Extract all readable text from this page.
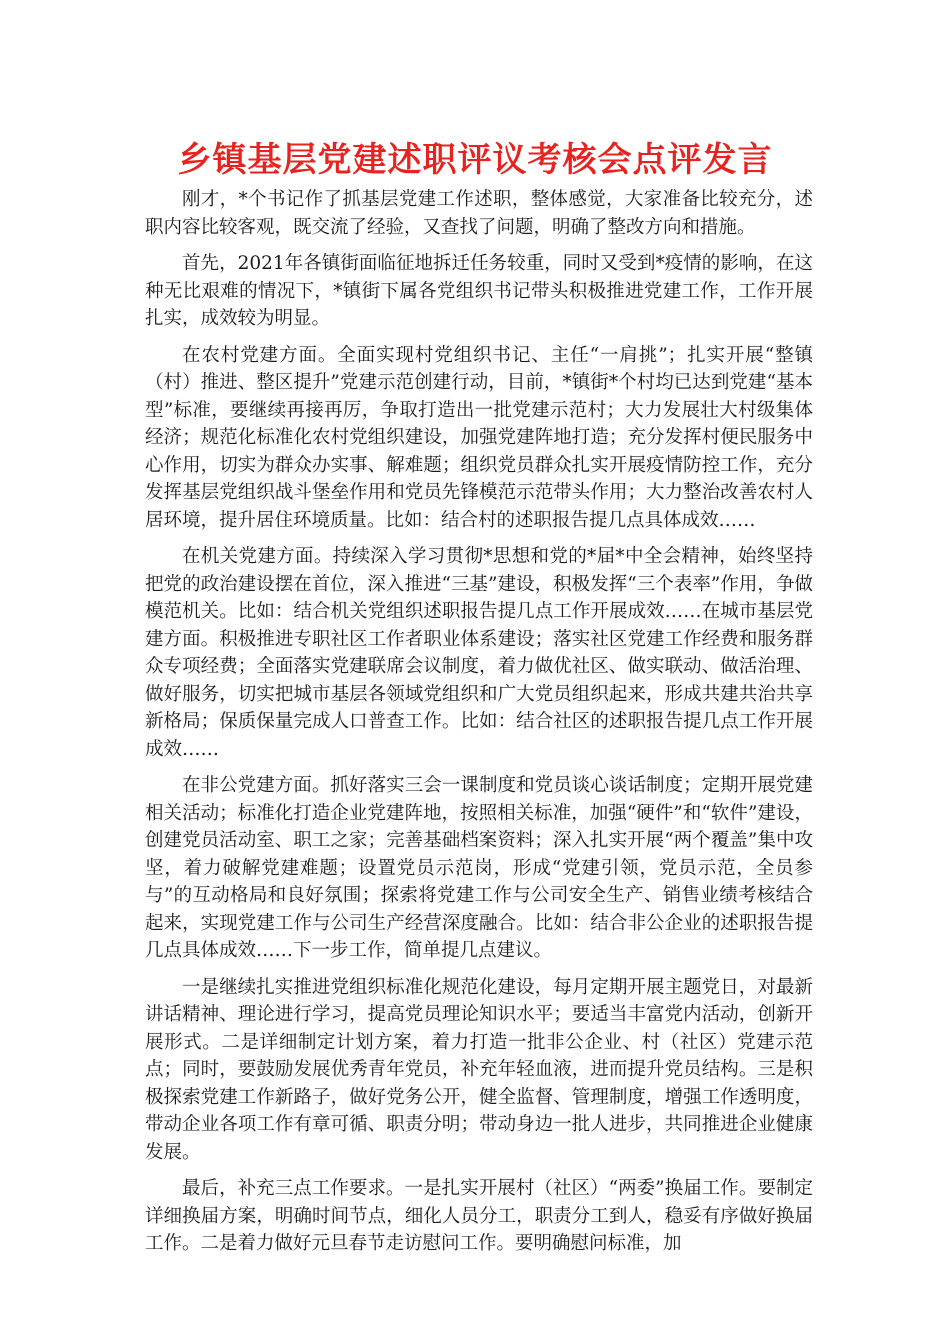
乡镇基层党建述职评议考核会点评发言

刚才，*个书记作了抓基层党建工作述职，整体感觉，大家准备比较充分，述职内容比较客观，既交流了经验，又查找了问题，明确了整改方向和措施。

首先，2021年各镇街面临征地拆迁任务较重，同时又受到*疫情的影响，在这种无比艰难的情况下，*镇街下属各党组织书记带头积极推进党建工作，工作开展扎实，成效较为明显。

在农村党建方面。全面实现村党组织书记、主任“一肩挑”；扎实开展“整镇（村）推进、整区提升”党建示范创建行动，目前，*镇街*个村均已达到党建“基本型”标准，要继续再接再厉，争取打造出一批党建示范村；大力发展壮大村级集体经济；规范化标准化农村党组织建设，加强党建阵地打造；充分发挥村便民服务中心作用，切实为群众办实事、解难题；组织党员群众扎实开展疫情防控工作，充分发挥基层党组织战斗堡垒作用和党员先锋模范示范带头作用；大力整治改善农村人居环境，提升居住环境质量。比如：结合村的述职报告提几点具体成效……

在机关党建方面。持续深入学习贯彻*思想和党的*届*中全会精神，始终坚持把党的政治建设摆在首位，深入推进“三基”建设，积极发挥“三个表率”作用，争做模范机关。比如：结合机关党组织述职报告提几点工作开展成效……在城市基层党建方面。积极推进专职社区工作者职业体系建设；落实社区党建工作经费和服务群众专项经费；全面落实党建联席会议制度，着力做优社区、做实联动、做活治理、做好服务，切实把城市基层各领域党组织和广大党员组织起来，形成共建共治共享新格局；保质保量完成人口普查工作。比如：结合社区的述职报告提几点工作开展成效……

在非公党建方面。抓好落实三会一课制度和党员谈心谈话制度；定期开展党建相关活动；标准化打造企业党建阵地，按照相关标准，加强“硬件”和“软件”建设，创建党员活动室、职工之家；完善基础档案资料；深入扎实开展“两个覆盖”集中攻坚，着力破解党建难题；设置党员示范岗，形成“党建引领，党员示范，全员参与”的互动格局和良好氛围；探索将党建工作与公司安全生产、销售业绩考核结合起来，实现党建工作与公司生产经营深度融合。比如：结合非公企业的述职报告提几点具体成效……下一步工作，简单提几点建议。

一是继续扎实推进党组织标准化规范化建设，每月定期开展主题党日，对最新讲话精神、理论进行学习，提高党员理论知识水平；要适当丰富党内活动，创新开展形式。二是详细制定计划方案，着力打造一批非公企业、村（社区）党建示范点；同时，要鼓励发展优秀青年党员，补充年轻血液，进而提升党员结构。三是积极探索党建工作新路子，做好党务公开，健全监督、管理制度，增强工作透明度，带动企业各项工作有章可循、职责分明；带动身边一批人进步，共同推进企业健康发展。

最后，补充三点工作要求。一是扎实开展村（社区）“两委”换届工作。要制定详细换届方案，明确时间节点，细化人员分工，职责分工到人，稳妥有序做好换届工作。二是着力做好元旦春节走访慰问工作。要明确慰问标准，加
